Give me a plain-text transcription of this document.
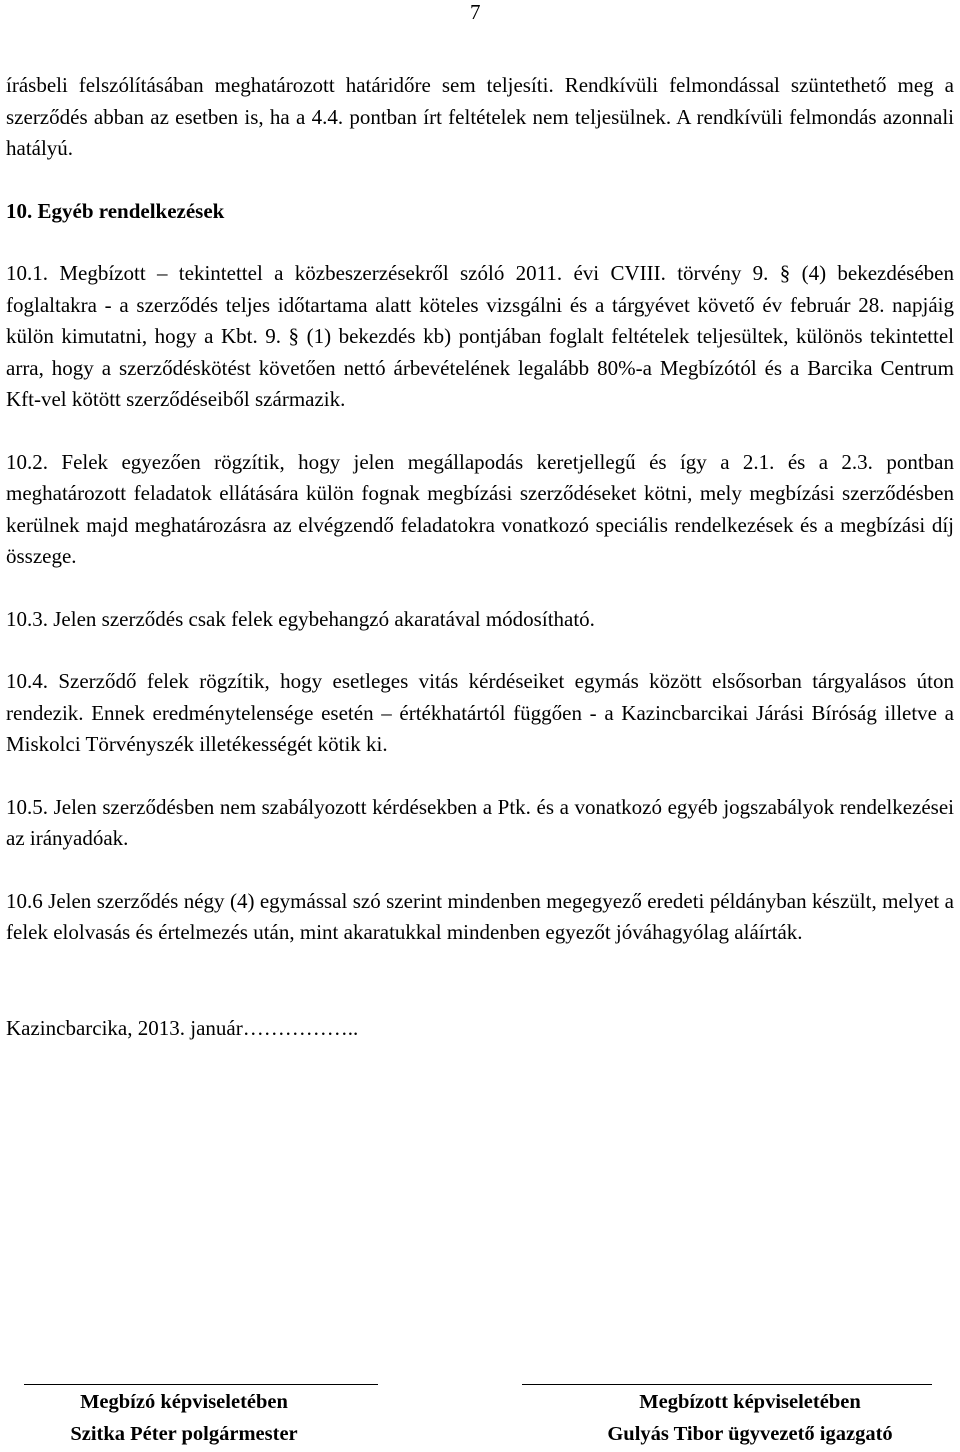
7

írásbeli felszólításában meghatározott határidőre sem teljesíti. Rendkívüli felmondással szüntethető meg a szerződés abban az esetben is, ha a 4.4. pontban írt feltételek nem teljesülnek. A rendkívüli felmondás azonnali hatályú.

10. Egyéb rendelkezések

10.1. Megbízott – tekintettel a közbeszerzésekről szóló 2011. évi CVIII. törvény 9. § (4) bekezdésében foglaltakra - a szerződés teljes időtartama alatt köteles vizsgálni és a tárgyévet követő év február 28. napjáig külön kimutatni, hogy a Kbt. 9. § (1) bekezdés kb) pontjában foglalt feltételek teljesültek, különös tekintettel arra, hogy a szerződéskötést követően nettó árbevételének legalább 80%-a Megbízótól és a Barcika Centrum Kft-vel kötött szerződéseiből származik.

10.2. Felek egyezően rögzítik, hogy jelen megállapodás keretjellegű és így a 2.1. és a 2.3. pontban meghatározott feladatok ellátására külön fognak megbízási szerződéseket kötni, mely megbízási szerződésben kerülnek majd meghatározásra az elvégzendő feladatokra vonatkozó speciális rendelkezések és a megbízási díj összege.

10.3. Jelen szerződés csak felek egybehangzó akaratával módosítható.

10.4. Szerződő felek rögzítik, hogy esetleges vitás kérdéseiket egymás között elsősorban tárgyalásos úton rendezik. Ennek eredménytelensége esetén – értékhatártól függően - a Kazincbarcikai Járási Bíróság illetve a Miskolci Törvényszék illetékességét kötik ki.

10.5. Jelen szerződésben nem szabályozott kérdésekben a Ptk. és a vonatkozó egyéb jogszabályok rendelkezései az irányadóak.

10.6 Jelen szerződés négy (4) egymással szó szerint mindenben megegyező eredeti példányban készült, melyet a felek elolvasás és értelmezés után, mint akaratukkal mindenben egyezőt jóváhagyólag aláírták.

Kazincbarcika, 2013. január……………..

Megbízó képviseletében
Szitka Péter polgármester
Megbízott képviseletében
Gulyás Tibor ügyvezető igazgató
